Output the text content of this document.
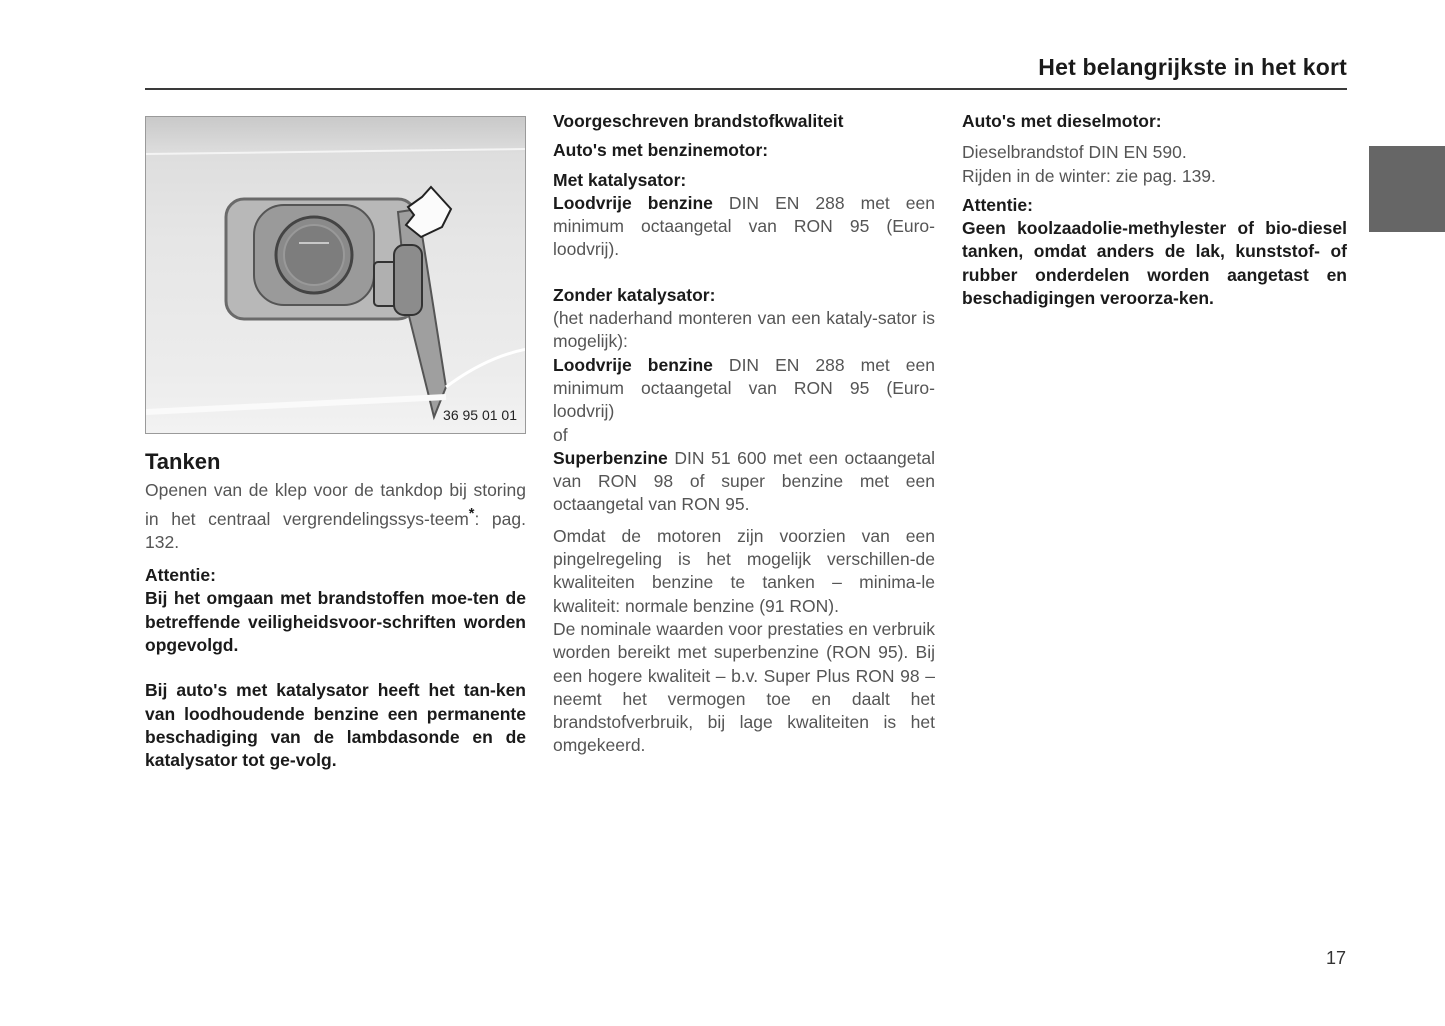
Het belangrijkste in het kort
36 95 01 01
Tanken

Openen van de klep voor de tankdop bij storing in het centraal vergrendelingssys-teem*: pag. 132.

Attentie:

Bij het omgaan met brandstoffen moe-ten de betreffende veiligheidsvoor-schriften worden opgevolgd.

Bij auto's met katalysator heeft het tan-ken van loodhoudende benzine een permanente beschadiging van de lambdasonde en de katalysator tot ge-volg.

Voorgeschreven brandstofkwaliteit

Auto's met benzinemotor:

Met katalysator:

Loodvrije benzine DIN EN 288 met een minimum octaangetal van RON 95 (Euro-loodvrij).

Zonder katalysator:

(het naderhand monteren van een kataly-sator is mogelijk):

Loodvrije benzine DIN EN 288 met een minimum octaangetal van RON 95 (Euro-loodvrij)

of

Superbenzine DIN 51 600 met een octaangetal van RON 98 of super benzine met een octaangetal van RON 95.

Omdat de motoren zijn voorzien van een pingelregeling is het mogelijk verschillen-de kwaliteiten benzine te tanken – minima-le kwaliteit: normale benzine (91 RON).

De nominale waarden voor prestaties en verbruik worden bereikt met superbenzine (RON 95). Bij een hogere kwaliteit – b.v. Super Plus RON 98 – neemt het vermogen toe en daalt het brandstofverbruik, bij lage kwaliteiten is het omgekeerd.

Auto's met dieselmotor:

Dieselbrandstof DIN EN 590.

Rijden in de winter: zie pag. 139.

Attentie:

Geen koolzaadolie-methylester of bio-diesel tanken, omdat anders de lak, kunststof- of rubber onderdelen worden aangetast en beschadigingen veroorza-ken.

17
